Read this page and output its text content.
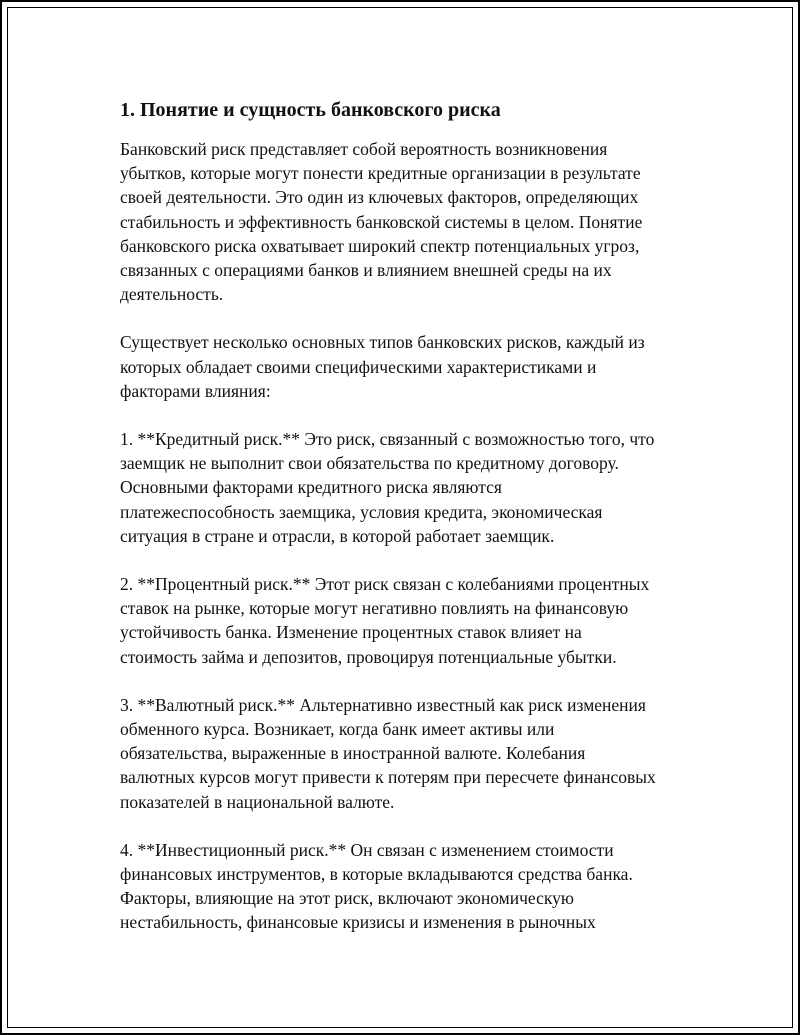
1. Понятие и сущность банковского риска
Банковский риск представляет собой вероятность возникновения
убытков, которые могут понести кредитные организации в результате
своей деятельности. Это один из ключевых факторов, определяющих
стабильность и эффективность банковской системы в целом. Понятие
банковского риска охватывает широкий спектр потенциальных угроз,
связанных с операциями банков и влиянием внешней среды на их
деятельность.
Существует несколько основных типов банковских рисков, каждый из
которых обладает своими специфическими характеристиками и
факторами влияния:
1. **Кредитный риск.** Это риск, связанный с возможностью того, что
заемщик не выполнит свои обязательства по кредитному договору.
Основными факторами кредитного риска являются
платежеспособность заемщика, условия кредита, экономическая
ситуация в стране и отрасли, в которой работает заемщик.
2. **Процентный риск.** Этот риск связан с колебаниями процентных
ставок на рынке, которые могут негативно повлиять на финансовую
устойчивость банка. Изменение процентных ставок влияет на
стоимость займа и депозитов, провоцируя потенциальные убытки.
3. **Валютный риск.** Альтернативно известный как риск изменения
обменного курса. Возникает, когда банк имеет активы или
обязательства, выраженные в иностранной валюте. Колебания
валютных курсов могут привести к потерям при пересчете финансовых
показателей в национальной валюте.
4. **Инвестиционный риск.** Он связан с изменением стоимости
финансовых инструментов, в которые вкладываются средства банка.
Факторы, влияющие на этот риск, включают экономическую
нестабильность, финансовые кризисы и изменения в рыночных
